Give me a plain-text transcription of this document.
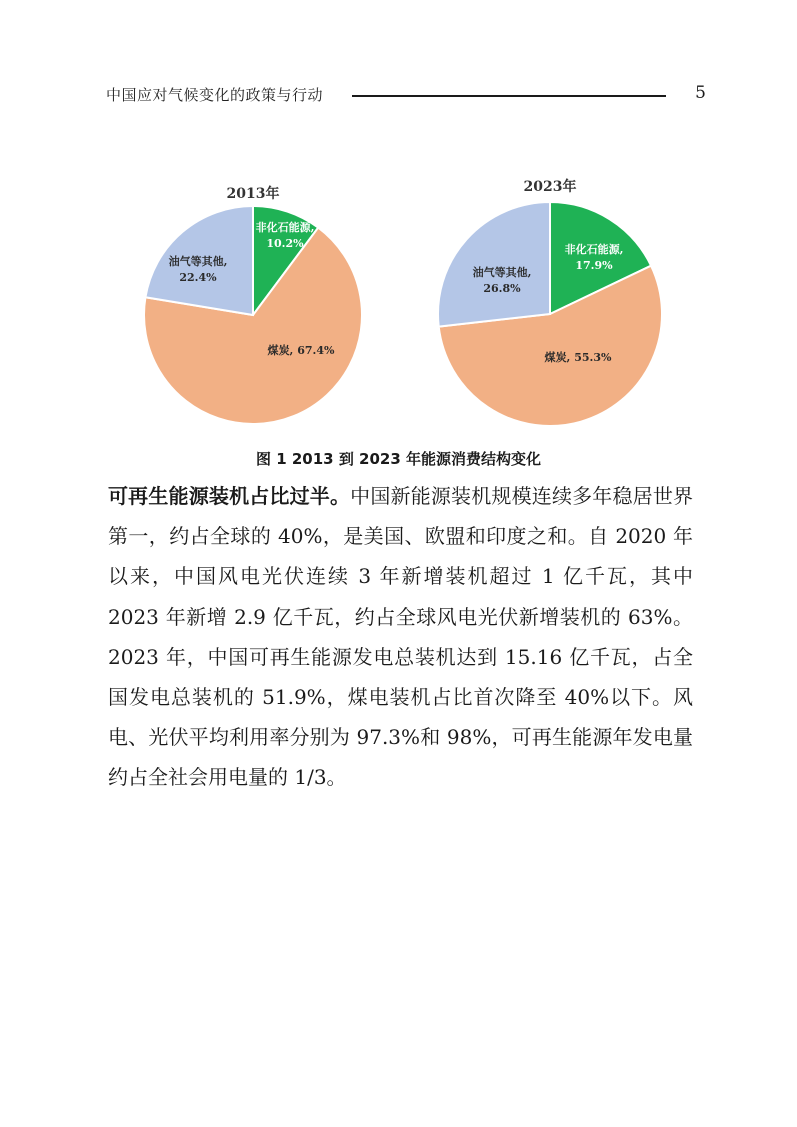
中国应对气候变化的政策与行动	5
2013年
非化石能源, 10.2%
煤炭, 67.4%
油气等其他, 22.4%
2023年
非化石能源, 17.9%
煤炭, 55.3%
油气等其他, 26.8%
图 1 2013 到 2023 年能源消费结构变化
可再生能源装机占比过半。中国新能源装机规模连续多年稳居世界第一，约占全球的 40%，是美国、欧盟和印度之和。自 2020 年以来，中国风电光伏连续 3 年新增装机超过 1 亿千瓦，其中 2023 年新增 2.9 亿千瓦，约占全球风电光伏新增装机的 63%。2023 年，中国可再生能源发电总装机达到 15.16 亿千瓦，占全国发电总装机的 51.9%，煤电装机占比首次降至 40%以下。风电、光伏平均利用率分别为 97.3%和 98%，可再生能源年发电量约占全社会用电量的 1/3。
